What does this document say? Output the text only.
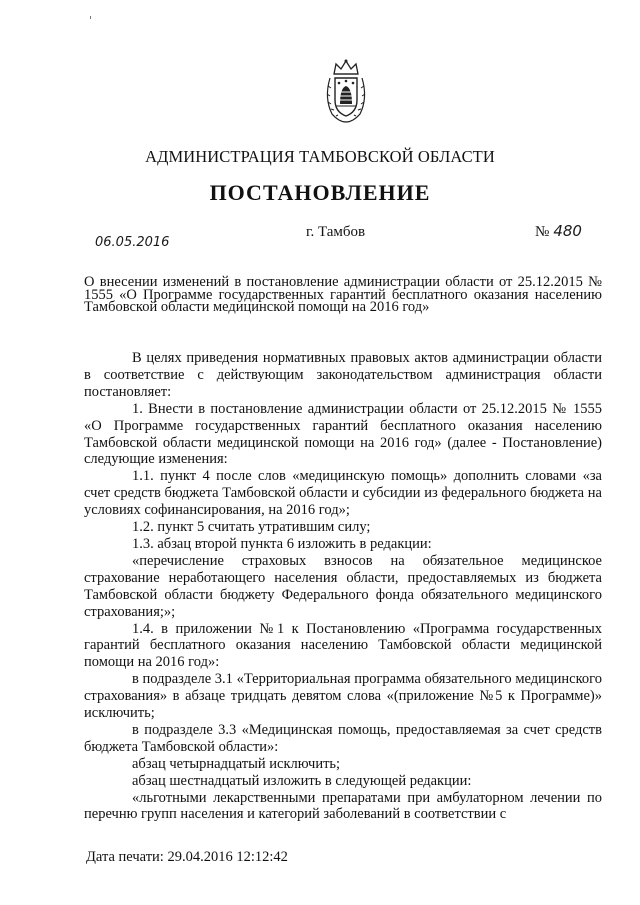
АДМИНИСТРАЦИЯ ТАМБОВСКОЙ ОБЛАСТИ
ПОСТАНОВЛЕНИЕ
06.05.2016
г. Тамбов	№ 480
О внесении изменений в постановление администрации области от 25.12.2015 № 1555 «О Программе государственных гарантий бесплатного оказания населению Тамбовской области медицинской помощи на 2016 год»

В целях приведения нормативных правовых актов администрации области в соответствие с действующим законодательством администрация области постановляет:

1. Внести в постановление администрации области от 25.12.2015 № 1555 «О Программе государственных гарантий бесплатного оказания населению Тамбовской области медицинской помощи на 2016 год» (далее - Постановление) следующие изменения:

1.1. пункт 4 после слов «медицинскую помощь» дополнить словами «за счет средств бюджета Тамбовской области и субсидии из федерального бюджета на условиях софинансирования, на 2016 год»;

1.2. пункт 5 считать утратившим силу;

1.3. абзац второй пункта 6 изложить в редакции:

«перечисление страховых взносов на обязательное медицинское страхование неработающего населения области, предоставляемых из бюджета Тамбовской области бюджету Федерального фонда обязательного медицинского страхования;»;

1.4. в приложении №1 к Постановлению «Программа государственных гарантий бесплатного оказания населению Тамбовской области медицинской помощи на 2016 год»:

в подразделе 3.1 «Территориальная программа обязательного медицинского страхования» в абзаце тридцать девятом слова «(приложение №5 к Программе)» исключить;

в подразделе 3.3 «Медицинская помощь, предоставляемая за счет средств бюджета Тамбовской области»:

абзац четырнадцатый исключить;

абзац шестнадцатый изложить в следующей редакции:

«льготными лекарственными препаратами при амбулаторном лечении по перечню групп населения и категорий заболеваний в соответствии с

Дата печати: 29.04.2016 12:12:42
